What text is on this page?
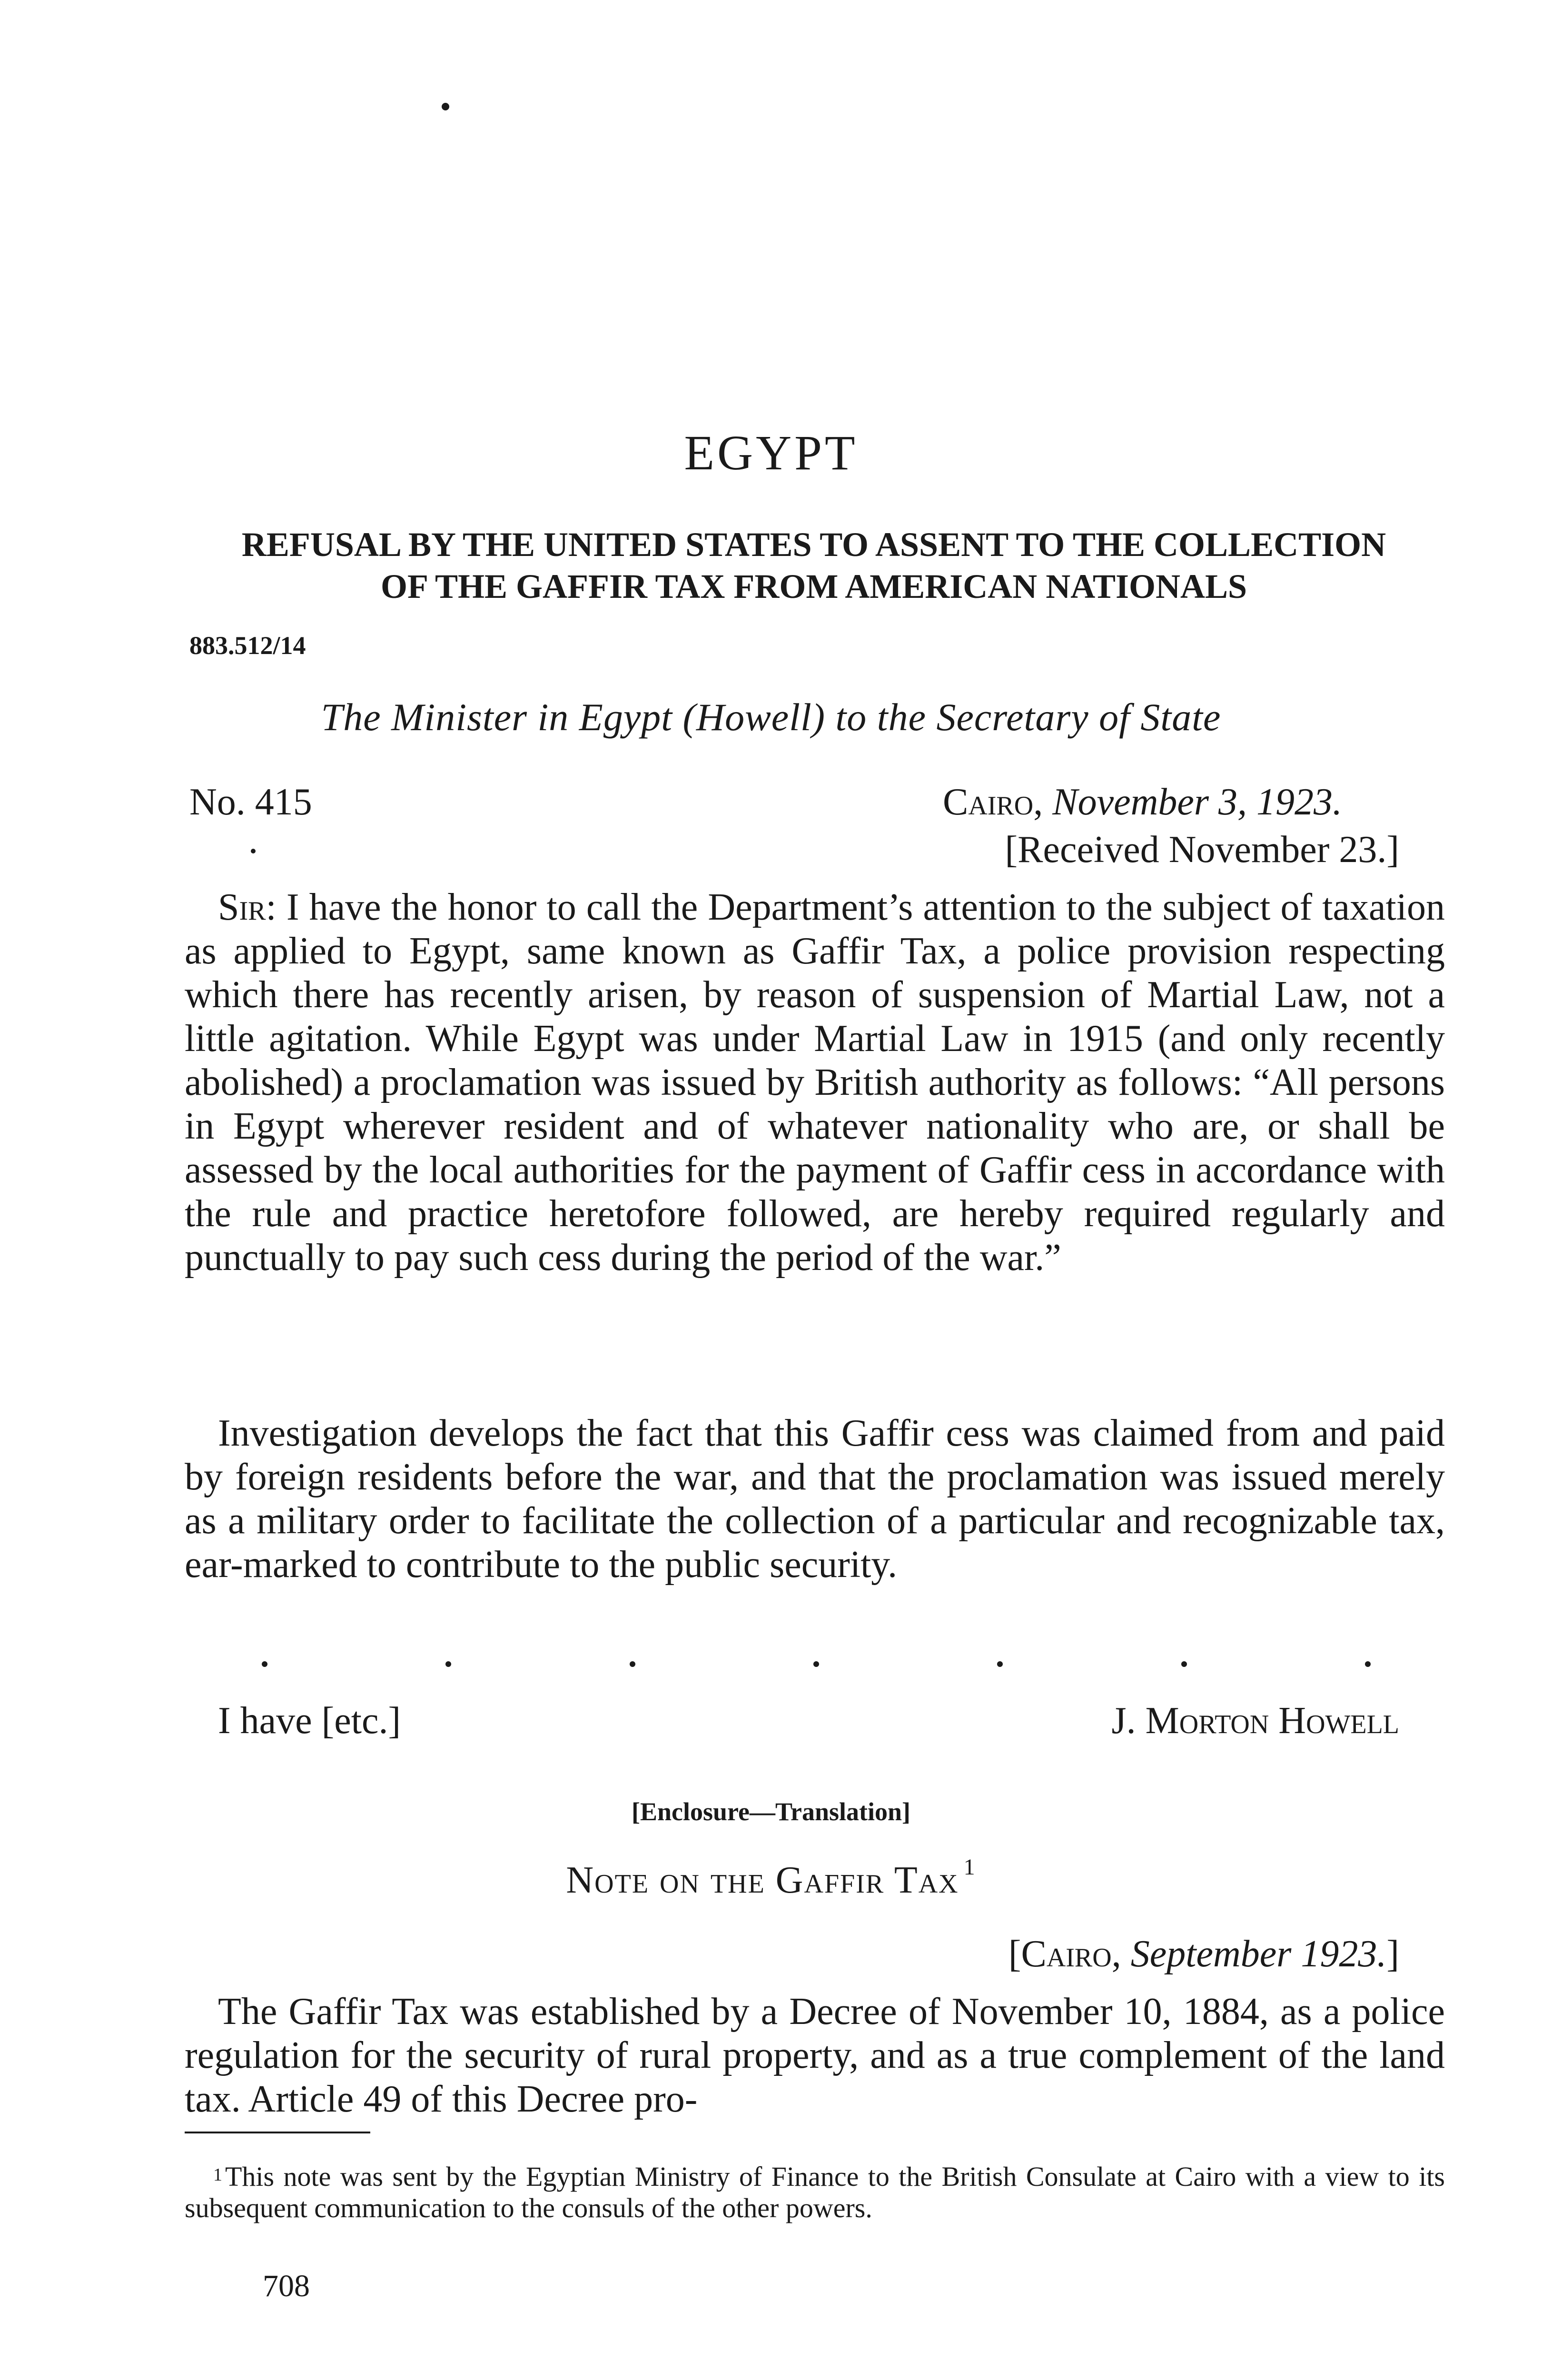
EGYPT
REFUSAL BY THE UNITED STATES TO ASSENT TO THE COLLECTION
OF THE GAFFIR TAX FROM AMERICAN NATIONALS
883.512/14
The Minister in Egypt (Howell) to the Secretary of State
No. 415	Cairo, November 3, 1923.
[Received November 23.]

Sir: I have the honor to call the Department’s attention to the subject of taxation as applied to Egypt, same known as Gaffir Tax, a police provision respecting which there has recently arisen, by reason of suspension of Martial Law, not a little agitation. While Egypt was under Martial Law in 1915 (and only recently abolished) a proclamation was issued by British authority as follows: “All persons in Egypt wherever resident and of whatever nationality who are, or shall be assessed by the local authorities for the payment of Gaffir cess in accordance with the rule and practice heretofore followed, are hereby required regularly and punctually to pay such cess during the period of the war.”

Investigation develops the fact that this Gaffir cess was claimed from and paid by foreign residents before the war, and that the proclamation was issued merely as a military order to facilitate the collection of a particular and recognizable tax, ear-marked to contribute to the public security.

I have [etc.]	J. Morton Howell
[Enclosure—Translation]
Note on the Gaffir Tax $^1$
[Cairo, September 1923.]

The Gaffir Tax was established by a Decree of November 10, 1884, as a police regulation for the security of rural property, and as a true complement of the land tax. Article 49 of this Decree pro-

$^1$ This note was sent by the Egyptian Ministry of Finance to the British Consulate at Cairo with a view to its subsequent communication to the consuls of the other powers.

708
